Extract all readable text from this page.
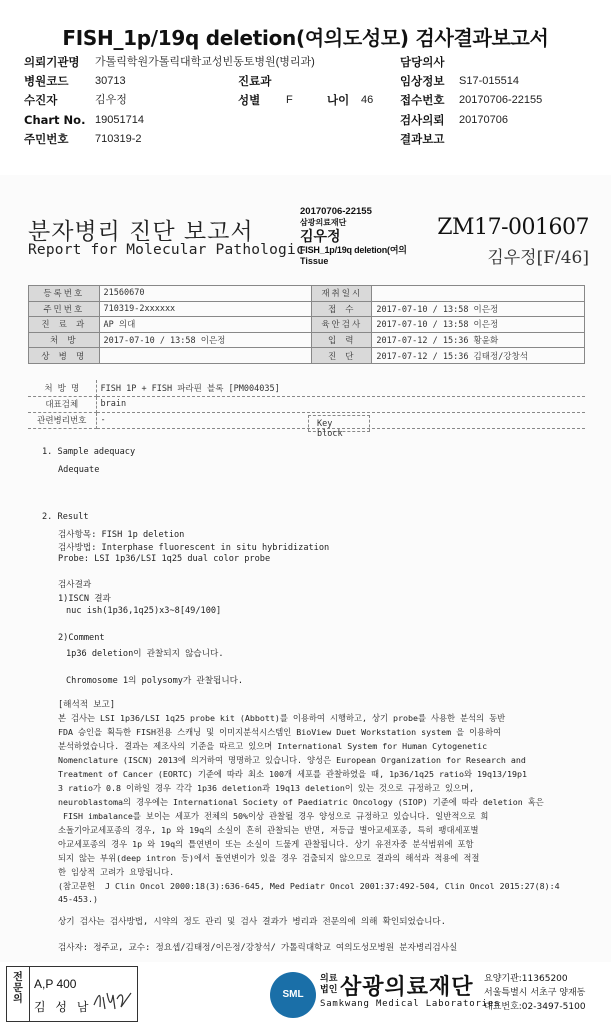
FISH_1p/19q deletion(여의도성모) 검사결과보고서
의뢰기관명 가톨릭학원가톨릭대학교성빈동토병원(병리과)	담당의사
병원코드 30713	진료과	임상정보 S17-015514
수진자	김우정	성별 F	나이 46 접수번호 20170706-22155
Chart No. 19051714	검사의뢰 20170706
주민번호 710319-2	결과보고
분자병리 진단 보고서
Report for Molecular Pathologic
20170706-22155
삼광의료재단
김우정
FISH_1p/19q deletion(여의
Tissue
ZM17-001607
김우정[F/46]
등록번호	21560670	재취일시	
주민번호	710319-2xxxxxx	접 수	2017-07-10 / 13:58 이은정
진 료 과	AP 의대	육안검사	2017-07-10 / 13:58 이은정
처 방	2017-07-10 / 13:58 이은정	입 력	2017-07-12 / 15:36 황윤화
상 병 명		진 단	2017-07-12 / 15:36 김태정/강창석
처 방 명	FISH 1P + FISH 파라핀 블록 [PM004035]
대표검체	brain
관련병리번호	-	Key block
1. Sample adequacy
Adequate
2. Result
검사항목: FISH 1p deletion
검사방법: Interphase fluorescent in situ hybridization
Probe: LSI 1p36/LSI 1q25 dual color probe
검사결과
1)ISCN 결과
nuc ish(1p36,1q25)x3~8[49/100]
2)Comment
1p36 deletion이 관찰되지 않습니다.
Chromosome 1의 polysomy가 관찰됩니다.
[해석적 보고]
본 검사는 LSI 1p36/LSI 1q25 probe kit (Abbott)를 이용하여 시행하고, 상기 probe를 사용한 분석의 동반
FDA 승인을 획득한 FISH전용 스캐닝 및 이미지분석시스템인 BioView Duet Workstation system 을 이용하여
분석하였습니다. 결과는 제조사의 기준을 따르고 있으며 International System for Human Cytogenetic
Nomenclature (ISCN) 2013에 의거하여 명명하고 있습니다. 양성은 European Organization for Research and
Treatment of Cancer (EORTC) 기준에 따라 최소 100개 세포를 관찰하였을 때, 1p36/1q25 ratio와 19q13/19p1
3 ratio가 0.8 이하일 경우 각각 1p36 deletion과 19q13 deletion이 있는 것으로 규정하고 있으며,
neuroblastoma의 경우에는 International Society of Paediatric Oncology (SIOP) 기준에 따라 deletion 혹은
FISH imbalance를 보이는 세포가 전체의 50%이상 관찰될 경우 양성으로 규정하고 있습니다. 일반적으로 희
소돌기아교세포종의 경우, 1p 와 19q의 소실이 흔히 관찰되는 반면, 저등급 별아교세포종, 특히 팽대세포별
아교세포종의 경우 1p 와 19q의 틀연변이 또는 소실이 드물게 관찰됩니다. 상기 유전자중 분석범위에 포함
되지 않는 부위(deep intron 등)에서 돌연변이가 있을 경우 검출되지 않으므로 결과의 해석과 적용에 적절
한 임상적 고려가 요망됩니다.
(참고문헌  J Clin Oncol 2000:18(3):636-645, Med Pediatr Oncol 2001:37:492-504, Clin Oncol 2015:27(8):4
45-453.)
상기 검사는 검사방법, 시약의 정도 관리 및 검사 결과가 병리과 전문의에 의해 확인되었습니다.
검사자: 정주교, 교수: 정요셉/김태정/이은정/강창석/ 가톨릭대학교 여의도성모병원 분자병리검사실
전문의
A,P 400
김 성 남
SML
의료
법인 삼광의료재단
Samkwang Medical Laboratories
요양기관:11365200
서울특별시 서초구 양재동
대표번호:02-3497-5100
